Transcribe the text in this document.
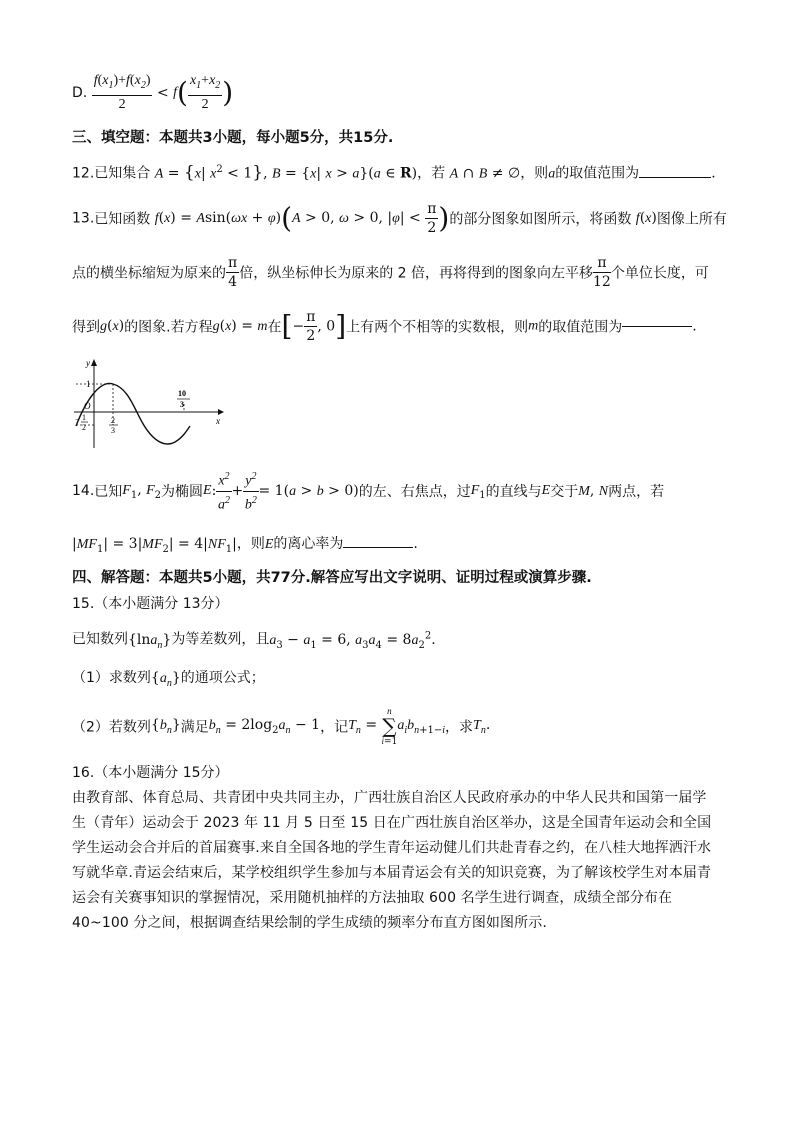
D. $\frac{f(x_1)+f(x_2)}{2} < f( \frac{x_1+x_2}{2}$ )
三、填空题：本题共3小题，每小题5分，共15分.
12.已知集合 A = {x| $x^2 < 1$}, B = {x| x > a}(a ∈ R)，若 A ∩ B ≠ ∅，则a的取值范围为	.
13.已知函数 f(x) = Asin(ωx + φ)(A > 0, ω > 0, $|\varphi| < \frac{\pi}{2}$ )的部分图象如图所示，将函数 f(x)图像上所有
点的横坐标缩短为原来的 $\frac{\pi}{4}$ 倍，纵坐标伸长为原来的 2 倍，再将得到的图象向左平移 $\frac{\pi}{12}$ 个单位长度，可
得到g(x)的图象.若方程g(x) = m在[− $\frac{\pi}{2}$ , 0]上有两个不相等的实数根，则m的取值范围为	.
y
x
O
1
− 1
2
2
3
10
3
14.已知$F_1$, $F_2$为椭圆E: $\frac{x^2}{a^2} + \frac{y^2}{b^2} = 1(a > b > 0)$的左、右焦点，过$F_1$的直线与E交于M, N两点，若
$|MF_1| = 3|MF_2| = 4|NF_1|$，则E的离心率为	.
四、解答题：本题共5小题，共77分.解答应写出文字说明、证明过程或演算步骤.
15.（本小题满分 13分）
已知数列{lna$_n$}为等差数列，且$a_3 - a_1 = 6$, $a_3a_4 = 8a_2^2$.
（1）求数列$\{a_n\}$的通项公式；
（2）若数列$\{b_n\}$满足$b_n = 2\log_2a_n - 1$，记$T_n$ =
n
∑
i=1
$a_ib_{n+1-i}$，求$T_n$.
16.（本小题满分 15分）
由教育部、体育总局、共青团中央共同主办，广西壮族自治区人民政府承办的中华人民共和国第一届学生（青年）运动会于 2023 年 11 月 5 日至 15 日在广西壮族自治区举办，这是全国青年运动会和全国学生运动会合并后的首届赛事.来自全国各地的学生青年运动健儿们共赴青春之约，在八桂大地挥洒汗水写就华章.青运会结束后，某学校组织学生参加与本届青运会有关的知识竞赛，为了解该校学生对本届青运会有关赛事知识的掌握情况，采用随机抽样的方法抽取 600 名学生进行调查，成绩全部分布在 40~100 分之间，根据调查结果绘制的学生成绩的频率分布直方图如图所示.
